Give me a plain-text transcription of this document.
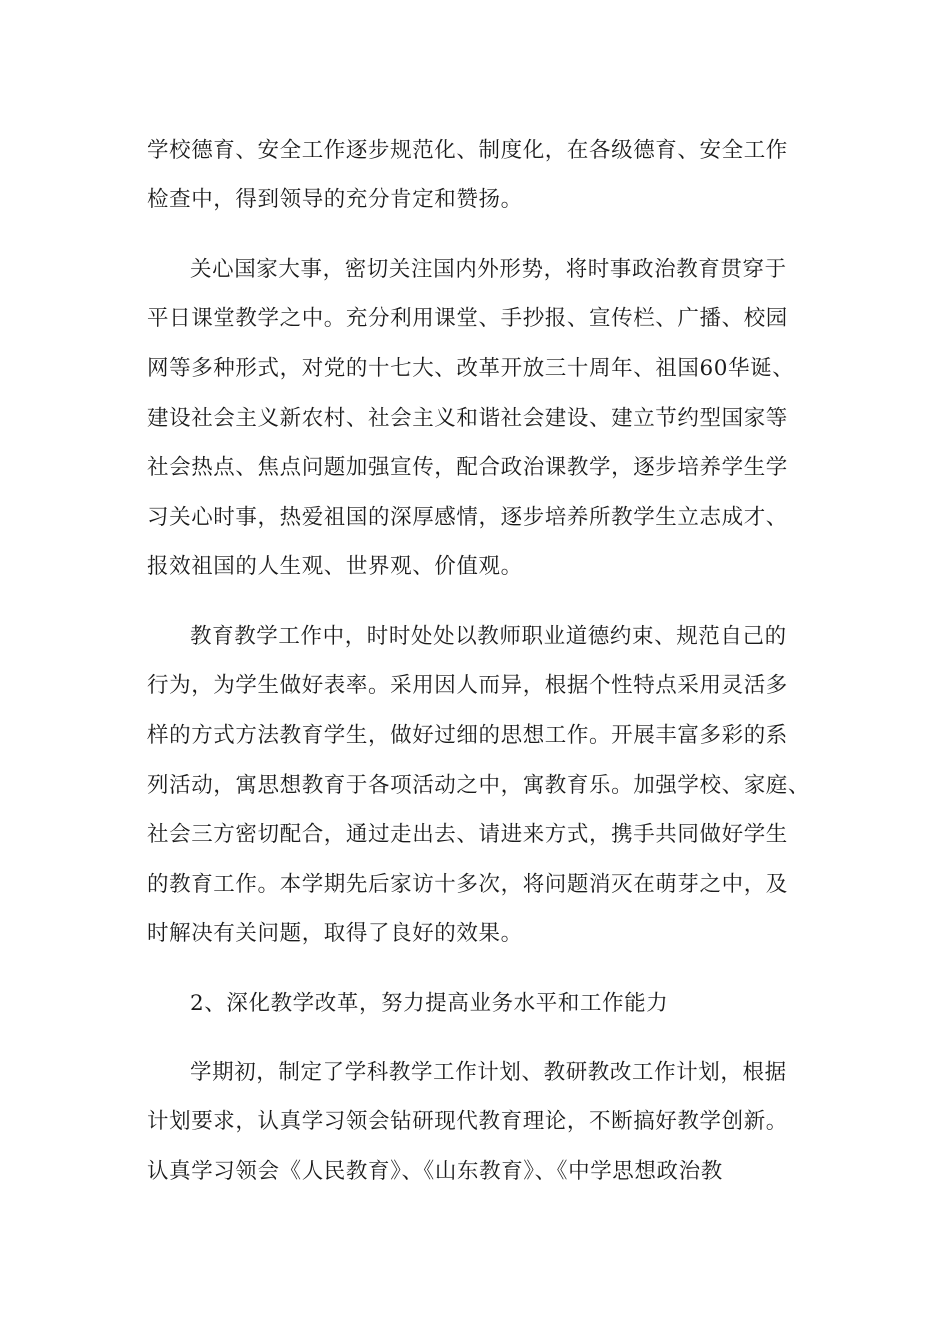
学校德育、安全工作逐步规范化、制度化，在各级德育、安全工作

检查中，得到领导的充分肯定和赞扬。

关心国家大事，密切关注国内外形势，将时事政治教育贯穿于

平日课堂教学之中。充分利用课堂、手抄报、宣传栏、广播、校园

网等多种形式，对党的十七大、改革开放三十周年、祖国60华诞、

建设社会主义新农村、社会主义和谐社会建设、建立节约型国家等

社会热点、焦点问题加强宣传，配合政治课教学，逐步培养学生学

习关心时事，热爱祖国的深厚感情，逐步培养所教学生立志成才、

报效祖国的人生观、世界观、价值观。

教育教学工作中，时时处处以教师职业道德约束、规范自己的

行为，为学生做好表率。采用因人而异，根据个性特点采用灵活多

样的方式方法教育学生，做好过细的思想工作。开展丰富多彩的系

列活动，寓思想教育于各项活动之中，寓教育乐。加强学校、家庭、

社会三方密切配合，通过走出去、请进来方式，携手共同做好学生

的教育工作。本学期先后家访十多次，将问题消灭在萌芽之中，及

时解决有关问题，取得了良好的效果。

2、深化教学改革，努力提高业务水平和工作能力

学期初，制定了学科教学工作计划、教研教改工作计划，根据

计划要求，认真学习领会钻研现代教育理论，不断搞好教学创新。

认真学习领会《人民教育》、《山东教育》、《中学思想政治教
